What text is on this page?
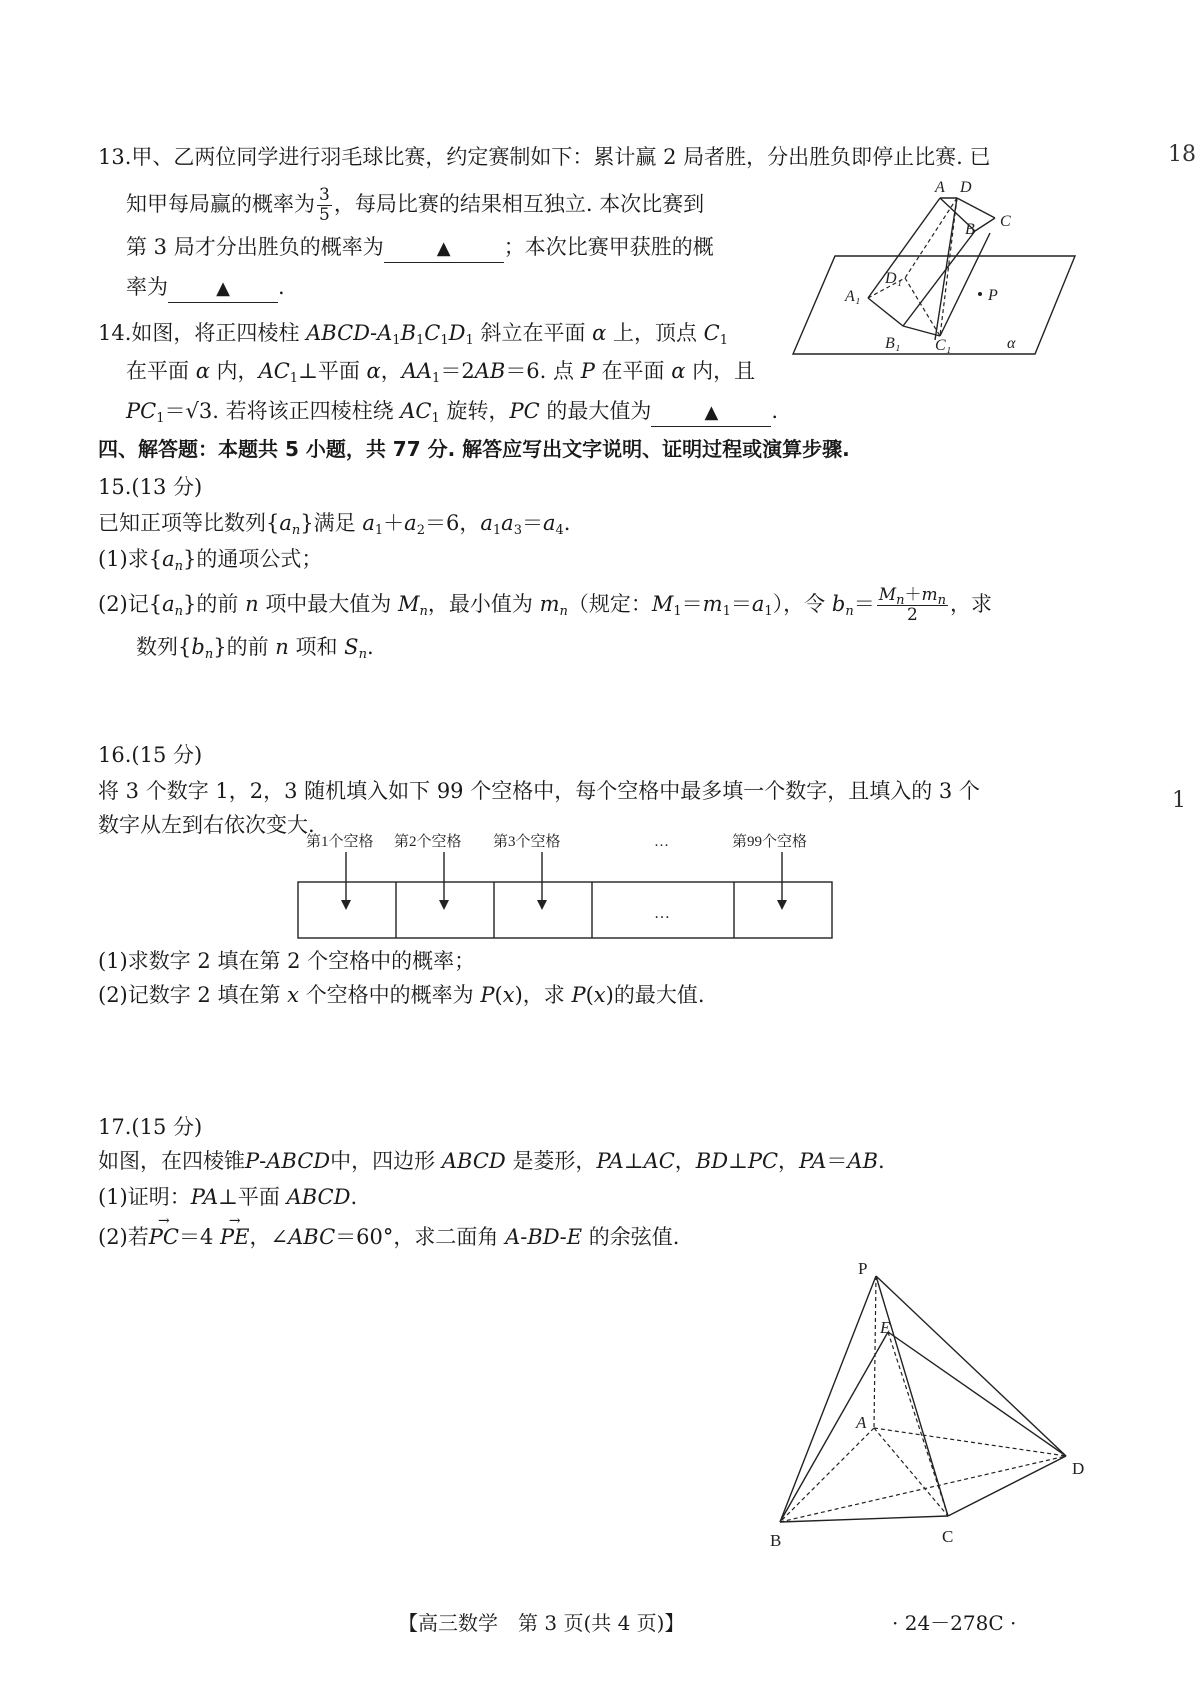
18
1
13.甲、乙两位同学进行羽毛球比赛，约定赛制如下：累计赢 2 局者胜，分出胜负即停止比赛. 已
知甲每局赢的概率为 $\frac{3}{5}$ ，每局比赛的结果相互独立. 本次比赛到
第 3 局才分出胜负的概率为	▲	；本次比赛甲获胜的概
率为	▲ .
A D
C
B
A₁
D₁
P
B₁ C₁	α
14.如图，将正四棱柱 ABCD-$A_1B_1C_1D_1$ 斜立在平面 α 上，顶点 $C_1$
在平面 α 内，$AC_1\perp$平面 α，$AA_1=2AB=6$. 点 P 在平面 α 内，且
$PC_1=√3$. 若将该正四棱柱绕 $AC_1$ 旋转，PC 的最大值为	▲	.
四、解答题：本题共 5 小题，共 77 分. 解答应写出文字说明、证明过程或演算步骤.
15.(13 分)
已知正项等比数列$\{a_n\}$满足 $a_1+a_2=6$，$a_1a_3=a_4$.
(1)求$\{a_n\}$的通项公式；
(2)记$\{a_n\}$的前 n 项中最大值为 $M_n$，最小值为 $m_n$（规定：$M_1=m_1=a_1$），令 $b_n= \frac{M_n+m_n}{2}$ ，求
数列$\{b_n\}$的前 n 项和 $S_n$.
16.(15 分)
将 3 个数字 1，2，3 随机填入如下 99 个空格中，每个空格中最多填一个数字，且填入的 3 个
数字从左到右依次变大.
第1个空格 第2个空格 第3个空格	…	第99个空格
…
(1)求数字 2 填在第 2 个空格中的概率；
(2)记数字 2 填在第 x 个空格中的概率为 P(x)，求 P(x)的最大值.
17.(15 分)
如图，在四棱锥P-ABCD中，四边形 ABCD 是菱形，PA⊥AC，BD⊥PC，PA＝AB.
(1)证明：PA⊥平面 ABCD.
(2)若→ PC＝4 → PE，∠ABC＝60°，求二面角 A-BD-E 的余弦值.
P
E
A
D
B	C
【高三数学　第 3 页(共 4 页)】	· 24－278C ·
